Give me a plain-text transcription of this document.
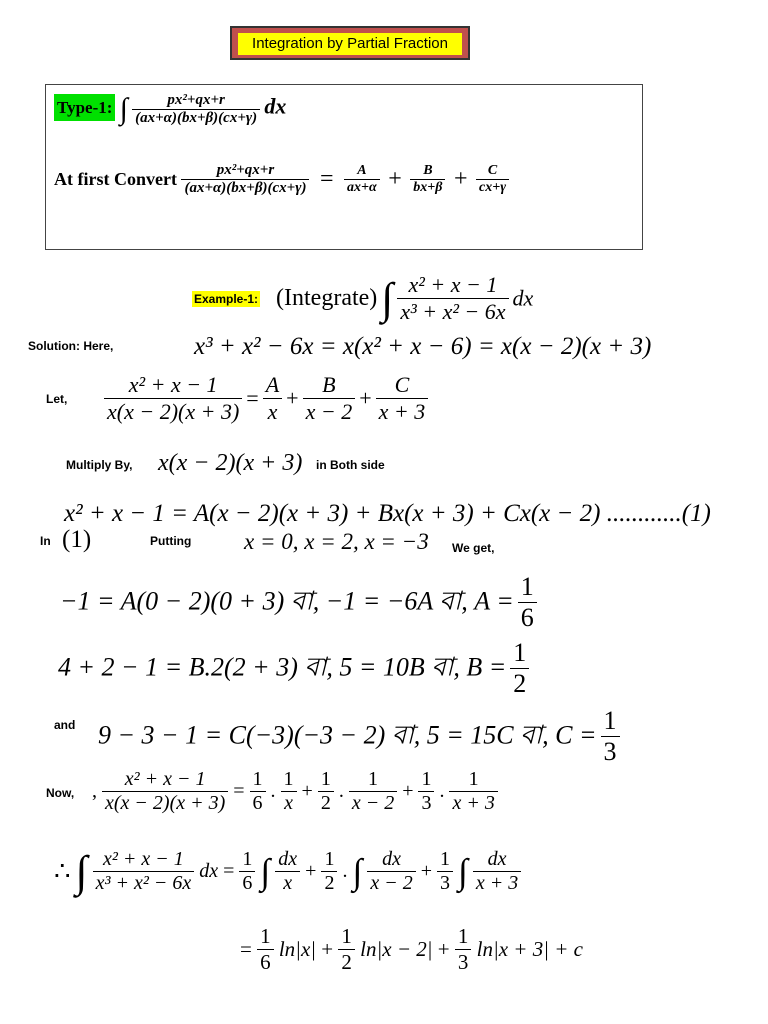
Integration by Partial Fraction
Type-1: ∫ $\frac{\text{px²+qx+r}}{(ax+\alpha)(bx+\beta)(cx+\gamma)}$ dx
At first Convert $\frac{\text{px²+qx+r}}{(ax+\alpha)(bx+\beta)(cx+\gamma)} = \frac{A}{ax+\alpha} + \frac{B}{bx+\beta} + \frac{C}{cx+\gamma}$
Example-1: (Integrate) ∫ $\frac{\text{x² + x − 1}}{\text{x³ + x² − 6x}}$ dx
Solution: Here,	x³ + x² − 6x = x(x² + x − 6) = x(x − 2)(x + 3)
Let, $\frac{\text{x² + x − 1}}{x(x - 2)(x + 3)} = \frac{A}{x} + \frac{B}{x - 2} + \frac{C}{x + 3}$
Multiply By, x(x − 2)(x + 3) in Both side
x² + x − 1 = A(x − 2)(x + 3) + Bx(x + 3) + Cx(x − 2) ............(1)
In (1)	Putting x = 0, x = 2, x = −3 We get,
−1 = A(0 − 2)(0 + 3) বা, −1 = −6A বা, $A = \frac{1}{6}$
4 + 2 − 1 = B.2(2 + 3) বা, 5 = 10B বা, $B = \frac{1}{2}$
and 9 − 3 − 1 = C(−3)(−3 − 2) বা, 5 = 15C বা, $C = \frac{1}{3}$
Now, , $\frac{\text{x² + x − 1}}{x(x - 2)(x + 3)} = \frac{1}{6}$ . $\frac{1}{x} + \frac{1}{2}$ . $\frac{1}{x - 2} + \frac{1}{3}$ . $\frac{1}{x + 3}$
∴ ∫ $\frac{\text{x² + x − 1}}{\text{x³ + x² − 6x}}$ dx = $\frac{1}{6}$ ∫ $\frac{dx}{x} + \frac{1}{2}$ . ∫ $\frac{dx}{x - 2} + \frac{1}{3}$ ∫ $\frac{dx}{x + 3}$
= $\frac{1}{6} \ln|x| + \frac{1}{2} \ln|x - 2| + \frac{1}{3} \ln|x + 3| + c$
